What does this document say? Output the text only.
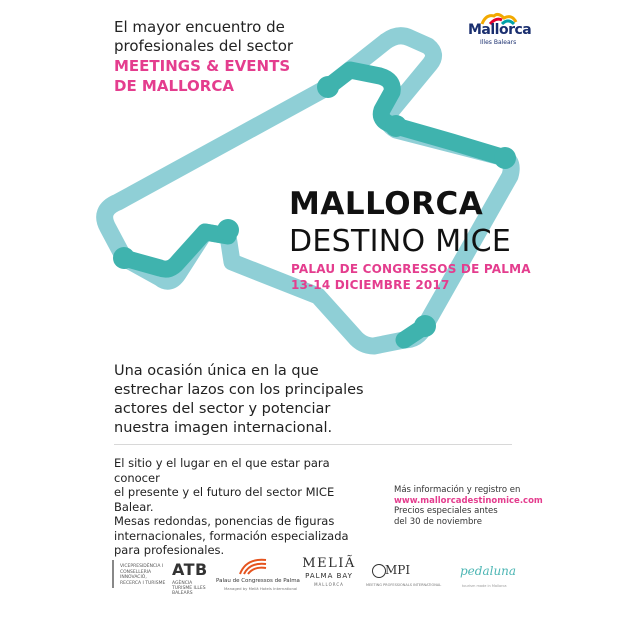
El mayor encuentro de
profesionales del sector
MEETINGS & EVENTS
DE MALLORCA
Mallorca
Illes Balears
MALLORCA
DESTINO MICE
PALAU DE CONGRESSOS DE PALMA
13-14 DICIEMBRE 2017
Una ocasión única en la que
estrechar lazos con los principales
actores del sector y potenciar
nuestra imagen internacional.
El sitio y el lugar en el que estar para conocer
el presente y el futuro del sector MICE Balear.
Mesas redondas, ponencias de figuras
internacionales, formación especializada
para profesionales.
Más información y registro en
www.mallorcadestinomice.com
Precios especiales antes
del 30 de noviembre
VICEPRESIDÈNCIA I CONSELLERIA INNOVACIÓ, RECERCA I TURISME
ATB
AGÈNCIA TURISME ILLES BALEARS
Palau de Congressos de Palma
Managed by Meliã Hotels International
MELIÃ
PALMA BAY
MALLORCA
MPI
MEETING PROFESSIONALS INTERNATIONAL
pedaluna
tourism made in Mallorca
